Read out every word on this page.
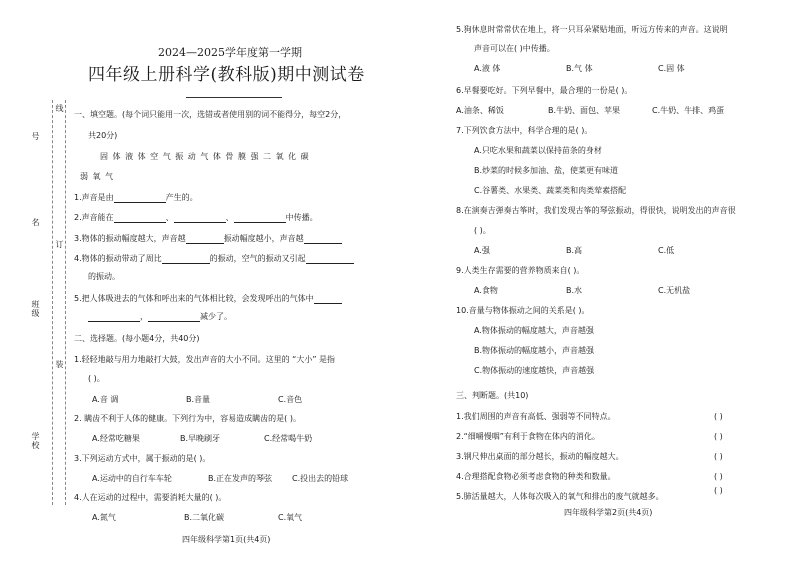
2024—2025学年度第一学期
四年级上册科学(教科版)期中测试卷
线
号
名
订
班级
装
学校
一、填空题。(每个词只能用一次，选错或者使用别的词不能得分，每空2分，
共20分)
固 体 液 体 空 气 振 动 气 体 骨 膜 强 二 氧 化 碳
弱 氧 气
1.声音是由	产生的。
2.声音能在	、	、	中传播。
3.物体的振动幅度越大，声音越	振动幅度越小，声音越
4.物体的振动带动了周比	的振动，空气的振动又引起
的振动。
5.把人体吸进去的气体和呼出来的气体相比较，会发现呼出的气体中
，	减少了。
二、选择题。(每小题4分，共40分)
1.轻轻地敲与用力地敲打大鼓，发出声音的大小不同。这里的 “大小” 是指
( )。
A.音 调	B.音量	C.音色
2. 瞒齿不利于人体的健康。下列行为中，容易造成瞒齿的是( )。
A.经常吃糖果	B.早晚刷牙	C.经常喝牛奶
3.下列运动方式中，属于振动的是( )。
A.运动中的自行车车轮	B.正在发声的琴弦 C.投出去的铅球
4.人在运动的过程中，需要消耗大量的( )。
A.氮气	B.二氧化碳	C.氧气
四年级科学第1页(共4页)
5.狗休息时常常伏在地上，将一只耳朵紧贴地面，听远方传来的声音。这说明
声音可以在( )中传播。
A.液 体	B.气 体	C.固 体
6.早餐要吃好。下列早餐中，最合理的一份是( )。
A.油条、稀饭	B.牛奶、面包、苹果	C.牛奶、牛排、鸡蛋
7.下列饮食方法中，科学合理的是( )。
A.只吃水果和蔬菜以保持苗条的身材
B.炒菜的时候多加油、盐，使菜更有味道
C.谷薯类、水果类、蔬菜类和肉类荤素搭配
8.在演奏吉弹奏古筝时，我们发现古筝的琴弦振动，得很快，说明发出的声音很
( )。
A.强	B.高	C.低
9.人类生存需要的营养物质来自( )。
A.食物	B.水	C.无机盐
10.音量与物体振动之间的关系是( )。
A.物体振动的幅度越大，声音越强
B.物体振动的幅度越小，声音越强
C.物体振动的速度越快，声音越强
三、判断题。(共10)
1.我们周围的声音有高低、强弱等不同特点。	( )
2.“细嚼慢咽”有利于食物在体内的消化。	( )
3.钢尺伸出桌面的部分越长，振动的幅度越大。	( )
4.合理搭配食物必须考虑食物的种类和数量。	( )
5.肺活量越大，人体每次吸入的氧气和排出的废气就越多。
( )
四年级科学第2页(共4页)
